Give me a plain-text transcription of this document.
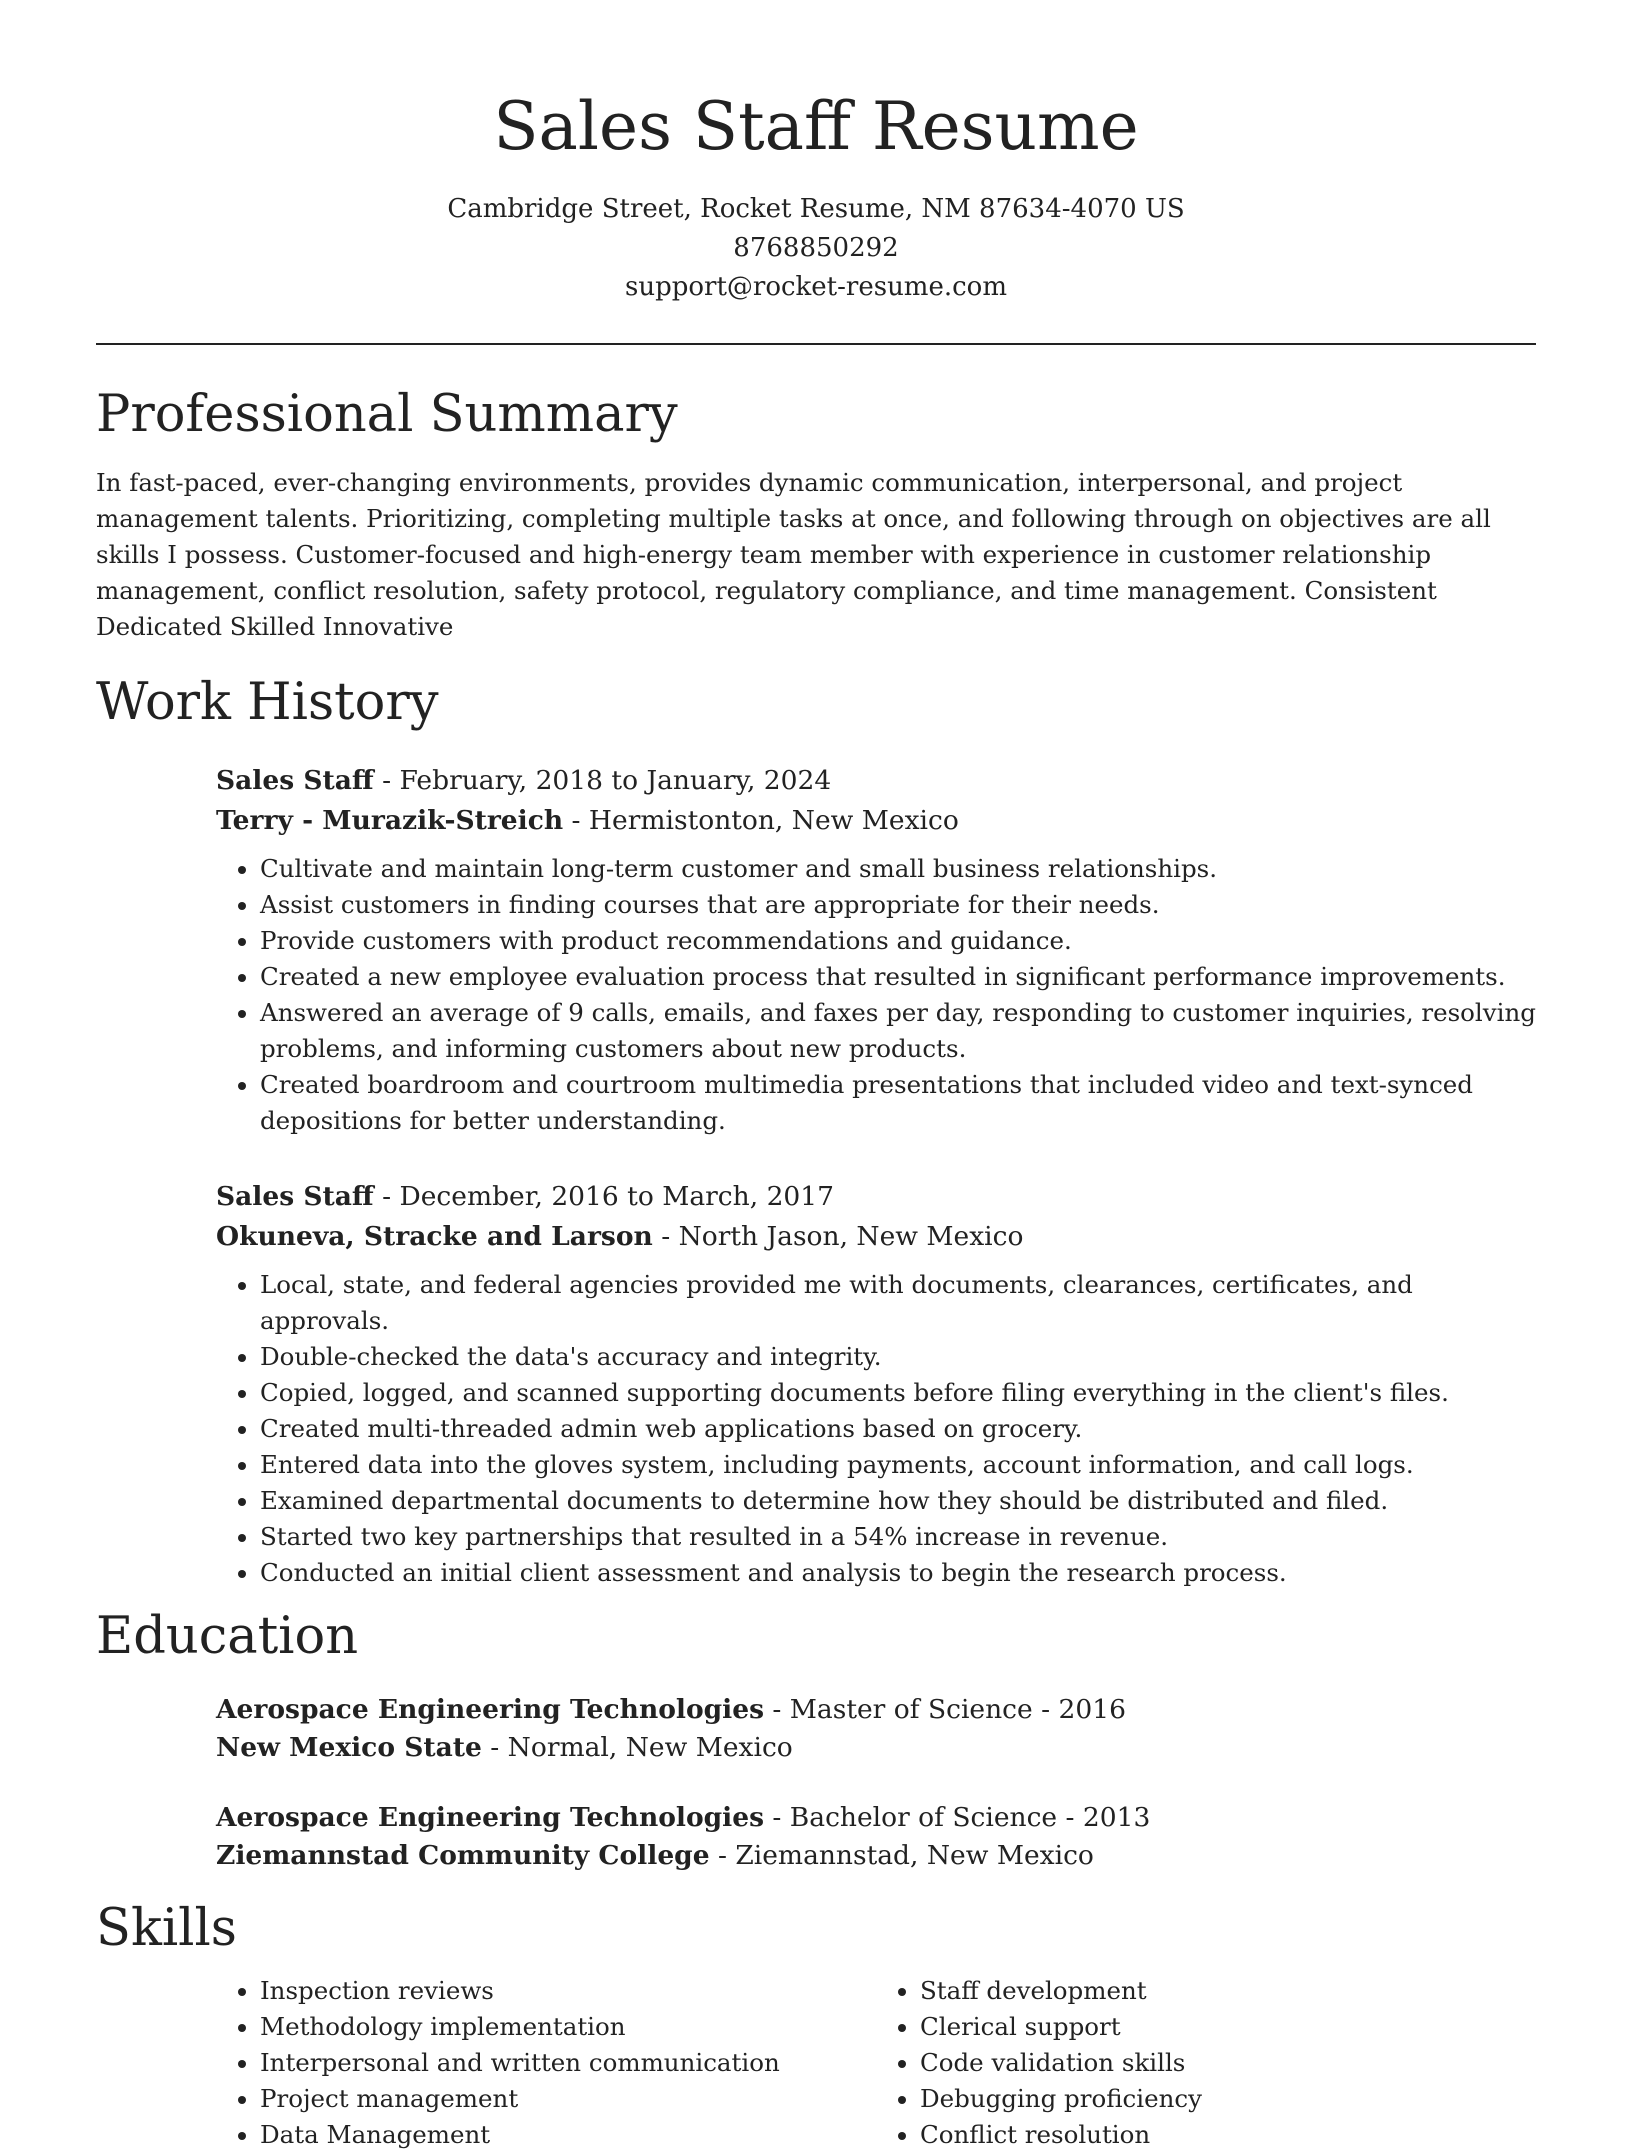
Sales Staff Resume
Cambridge Street, Rocket Resume, NM 87634-4070 US
8768850292
support@rocket-resume.com
Professional Summary

In fast-paced, ever-changing environments, provides dynamic communication, interpersonal, and project management talents. Prioritizing, completing multiple tasks at once, and following through on objectives are all skills I possess. Customer-focused and high-energy team member with experience in customer relationship management, conflict resolution, safety protocol, regulatory compliance, and time management. Consistent Dedicated Skilled Innovative

Work History
Sales Staff - February, 2018 to January, 2024
Terry - Murazik-Streich - Hermistonton, New Mexico
• Cultivate and maintain long-term customer and small business relationships.
• Assist customers in finding courses that are appropriate for their needs.
• Provide customers with product recommendations and guidance.
• Created a new employee evaluation process that resulted in significant performance improvements.
• Answered an average of 9 calls, emails, and faxes per day, responding to customer inquiries, resolving problems, and informing customers about new products.
• Created boardroom and courtroom multimedia presentations that included video and text-synced depositions for better understanding.
Sales Staff - December, 2016 to March, 2017
Okuneva, Stracke and Larson - North Jason, New Mexico
• Local, state, and federal agencies provided me with documents, clearances, certificates, and approvals.
• Double-checked the data's accuracy and integrity.
• Copied, logged, and scanned supporting documents before filing everything in the client's files.
• Created multi-threaded admin web applications based on grocery.
• Entered data into the gloves system, including payments, account information, and call logs.
• Examined departmental documents to determine how they should be distributed and filed.
• Started two key partnerships that resulted in a 54% increase in revenue.
• Conducted an initial client assessment and analysis to begin the research process.
Education
Aerospace Engineering Technologies - Master of Science - 2016
New Mexico State - Normal, New Mexico
Aerospace Engineering Technologies - Bachelor of Science - 2013
Ziemannstad Community College - Ziemannstad, New Mexico
Skills
• Inspection reviews
• Methodology implementation
• Interpersonal and written communication
• Project management
• Data Management
• Staff development
• Clerical support
• Code validation skills
• Debugging proficiency
• Conflict resolution
